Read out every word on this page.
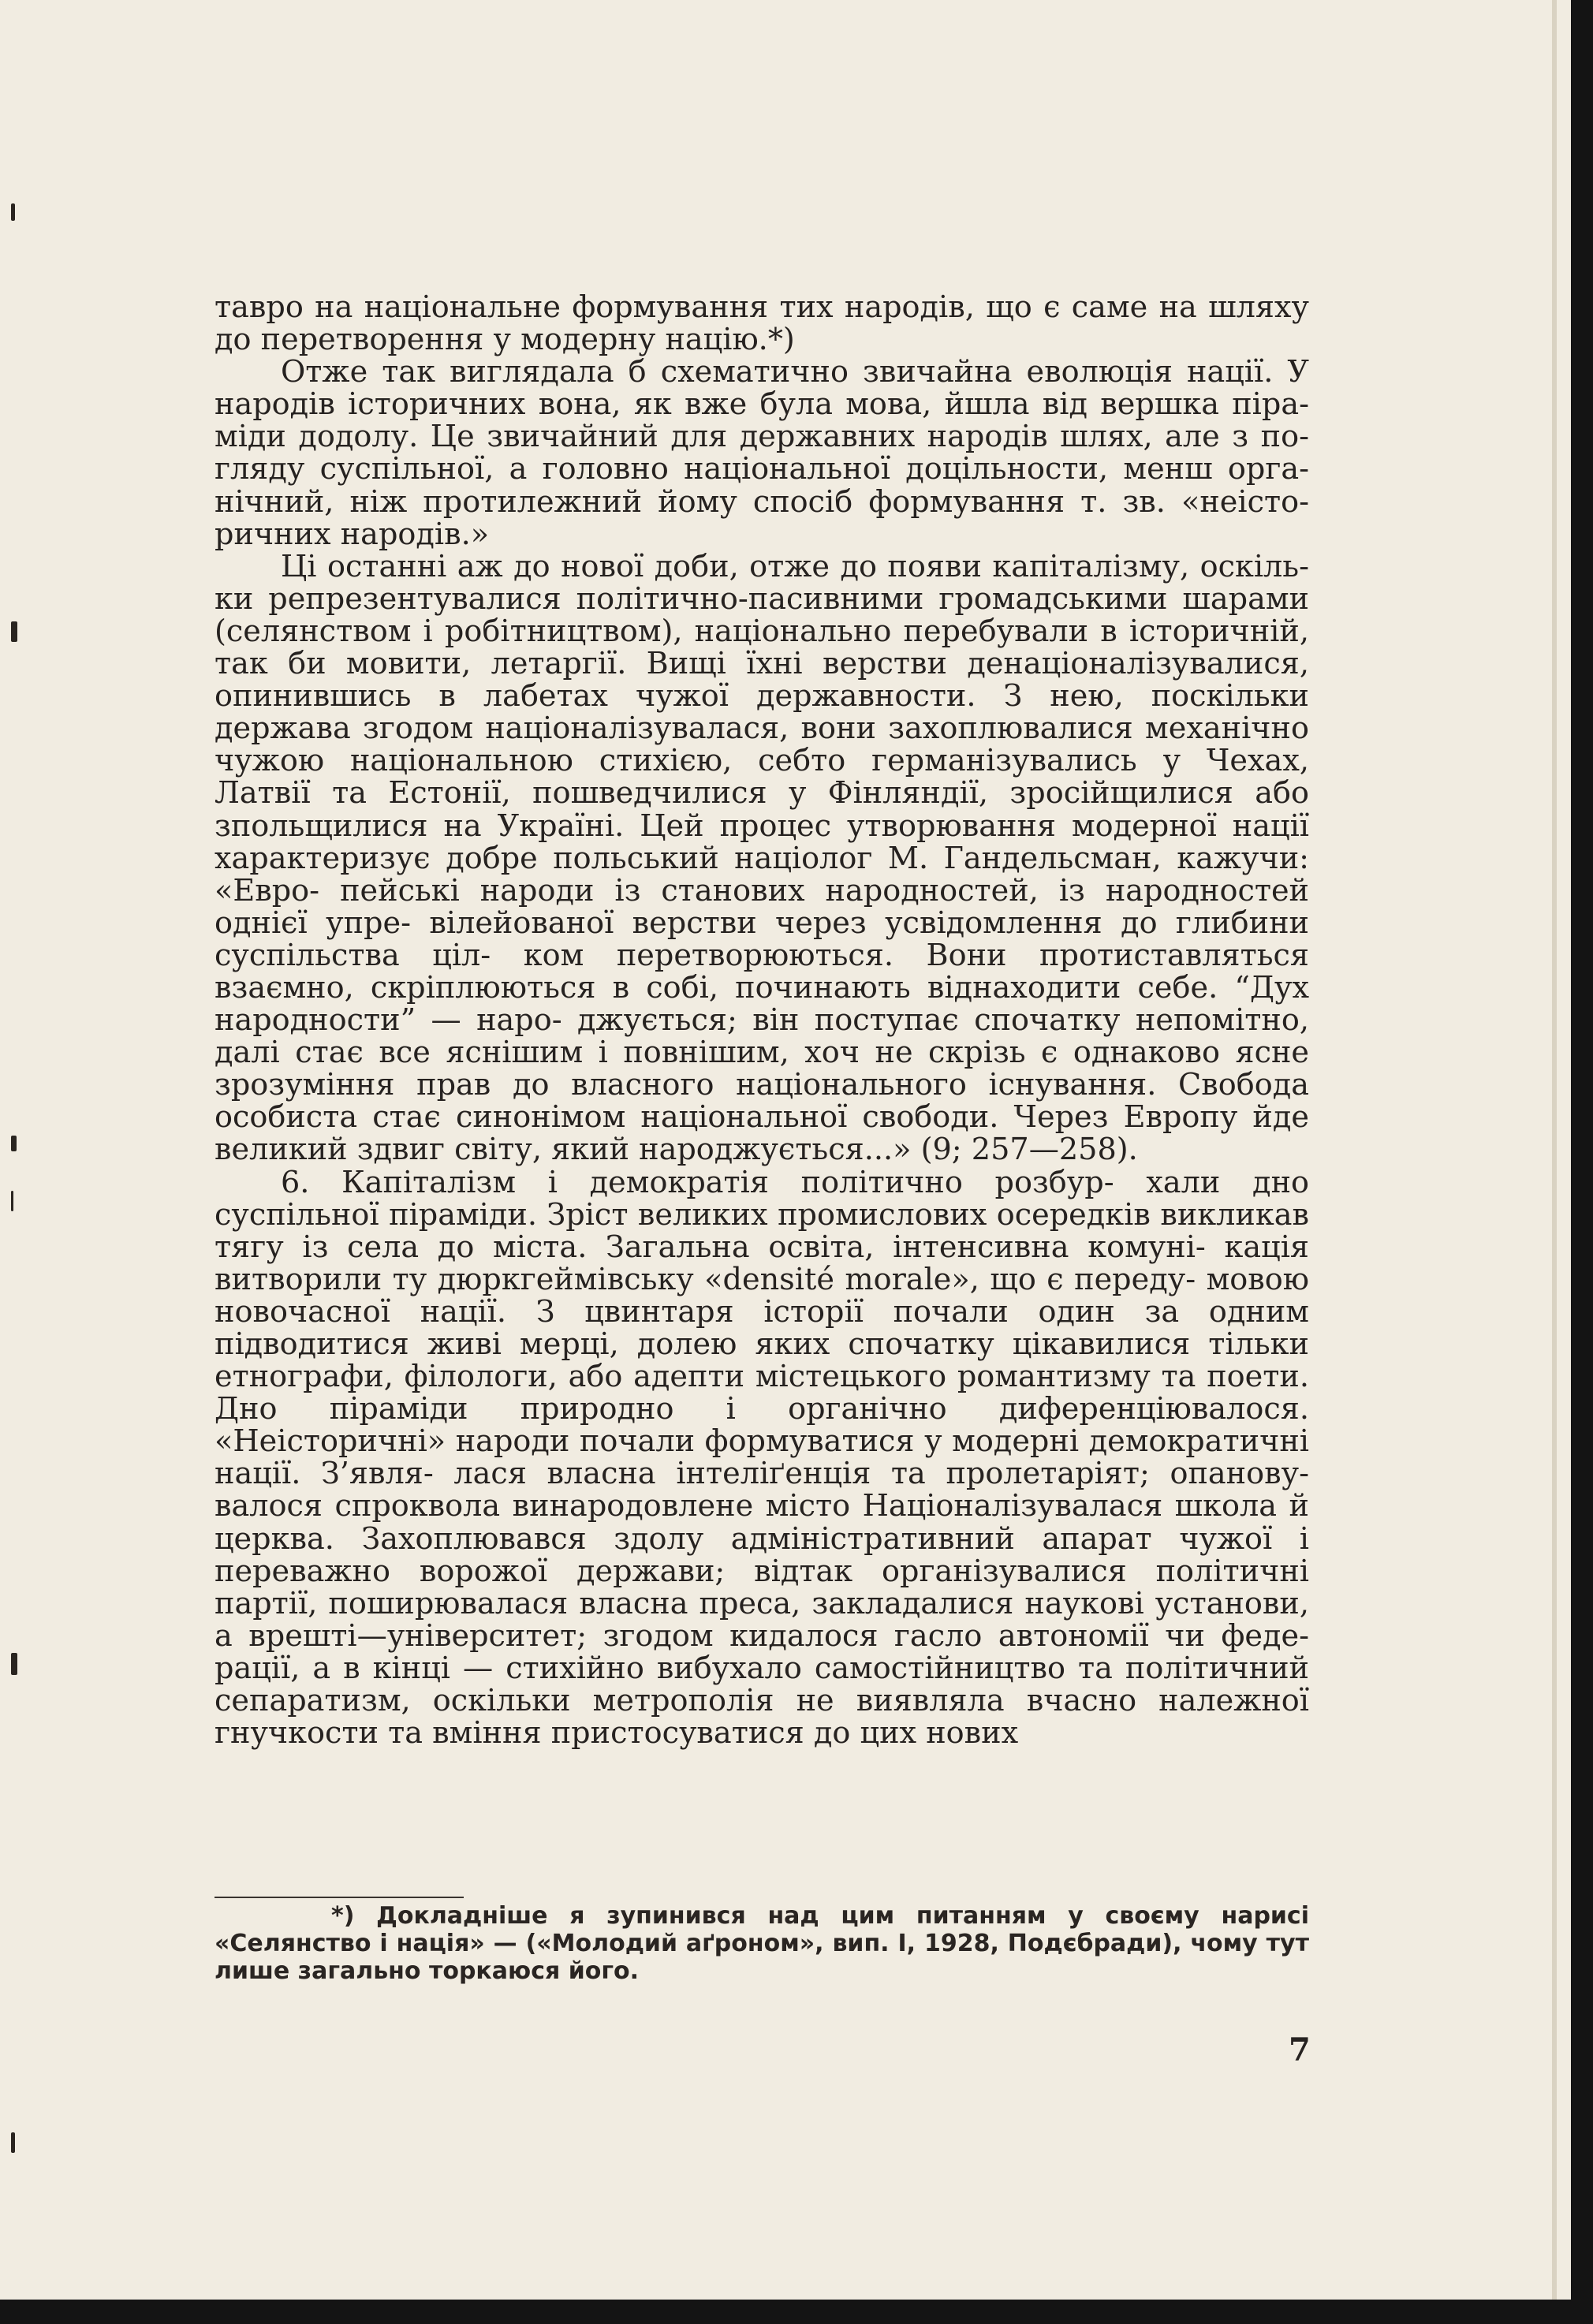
тавро на національне формування тих народів, що є саме на шляху до перетворення у модерну націю.*)

Отже так виглядала б схематично звичайна еволюція нації. У народів історичних вона, як вже була мова, йшла від вершка піра- міди додолу. Це звичайний для державних народів шлях, але з по- гляду суспільної, а головно національної доцільности, менш орга- нічний, ніж протилежний йому спосіб формування т. зв. «неісто- ричних народів.»

Ці останні аж до нової доби, отже до появи капіталізму, оскіль- ки репрезентувалися політично-пасивними громадськими шарами (селянством і робітництвом), національно перебували в історичній, так би мовити, летаргії. Вищі їхні верстви денаціоналізувалися, опинившись в лабетах чужої державности. З нею, поскільки держава згодом націоналізувалася, вони захоплювалися механічно чужою національною стихією, себто германізувались у Чехах, Латвії та Естонії, пошведчилися у Фінляндії, зросійщилися або зпольщилися на Україні. Цей процес утворювання модерної нації характеризує добре польський націолог М. Гандельсман, кажучи: «Евро- пейські народи із станових народностей, із народностей однієї упре- вілейованої верстви через усвідомлення до глибини суспільства ціл- ком перетворюються. Вони протиставляться взаємно, скріплюються в собі, починають віднаходити себе. “Дух народности” — наро- джується; він поступає спочатку непомітно, далі стає все яснішим і повнішим, хоч не скрізь є однаково ясне зрозуміння прав до власного національного існування. Свобода особиста стає синонімом національної свободи. Через Европу йде великий здвиг світу, який народжується...» (9; 257—258).

6. Капіталізм і демократія політично розбур- хали дно суспільної піраміди. Зріст великих промислових осередків викликав тягу із села до міста. Загальна освіта, інтенсивна комуні- кація витворили ту дюркгеймівську «densité morale», що є переду- мовою новочасної нації. З цвинтаря історії почали один за одним підводитися живі мерці, долею яких спочатку цікавилися тільки етнографи, філологи, або адепти містецького романтизму та поети. Дно піраміди природно і органічно диференціювалося. «Неісторичні» народи почали формуватися у модерні демократичні нації. З’явля- лася власна інтеліґенція та пролетаріят; опанову- валося спроквола винародовлене місто Націоналізувалася школа й церква. Захоплювався здолу адміністративний апарат чужої і переважно ворожої держави; відтак організувалися політичні партії, поширювалася власна преса, закладалися наукові установи, а врешті—університет; згодом кидалося гасло автономії чи феде- рації, а в кінці — стихійно вибухало самостійництво та політичний сепаратизм, оскільки метрополія не виявляла вчасно належної гнучкости та вміння пристосуватися до цих нових

*) Докладніше я зупинився над цим питанням у своєму нарисі «Селянство і нація» — («Молодий аґроном», вип. I, 1928, Подєбради), чому тут лише загально торкаюся його.
7
